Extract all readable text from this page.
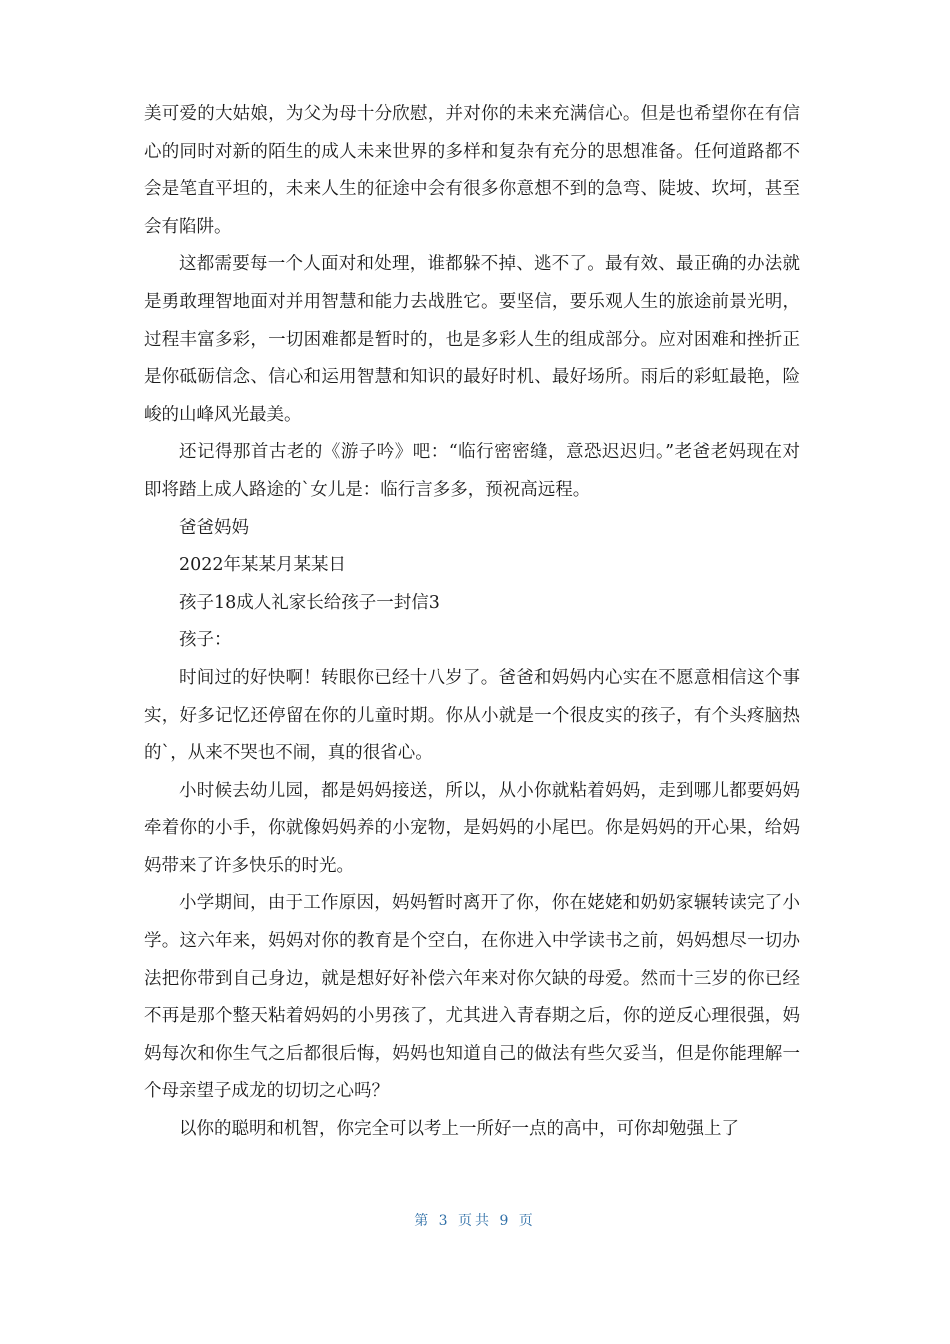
美可爱的大姑娘，为父为母十分欣慰，并对你的未来充满信心。但是也希望你在有信心的同时对新的陌生的成人未来世界的多样和复杂有充分的思想准备。任何道路都不会是笔直平坦的，未来人生的征途中会有很多你意想不到的急弯、陡坡、坎坷，甚至会有陷阱。

这都需要每一个人面对和处理，谁都躲不掉、逃不了。最有效、最正确的办法就是勇敢理智地面对并用智慧和能力去战胜它。要坚信，要乐观人生的旅途前景光明，过程丰富多彩，一切困难都是暂时的，也是多彩人生的组成部分。应对困难和挫折正是你砥砺信念、信心和运用智慧和知识的最好时机、最好场所。雨后的彩虹最艳，险峻的山峰风光最美。

还记得那首古老的《游子吟》吧：“临行密密缝，意恐迟迟归。”老爸老妈现在对即将踏上成人路途的`女儿是：临行言多多，预祝高远程。

爸爸妈妈

2022年某某月某某日

孩子18成人礼家长给孩子一封信3

孩子：

时间过的好快啊！转眼你已经十八岁了。爸爸和妈妈内心实在不愿意相信这个事实，好多记忆还停留在你的儿童时期。你从小就是一个很皮实的孩子，有个头疼脑热的`，从来不哭也不闹，真的很省心。

小时候去幼儿园，都是妈妈接送，所以，从小你就粘着妈妈，走到哪儿都要妈妈牵着你的小手，你就像妈妈养的小宠物，是妈妈的小尾巴。你是妈妈的开心果，给妈妈带来了许多快乐的时光。

小学期间，由于工作原因，妈妈暂时离开了你，你在姥姥和奶奶家辗转读完了小学。这六年来，妈妈对你的教育是个空白，在你进入中学读书之前，妈妈想尽一切办法把你带到自己身边，就是想好好补偿六年来对你欠缺的母爱。然而十三岁的你已经不再是那个整天粘着妈妈的小男孩了，尤其进入青春期之后，你的逆反心理很强，妈妈每次和你生气之后都很后悔，妈妈也知道自己的做法有些欠妥当，但是你能理解一个母亲望子成龙的切切之心吗？

以你的聪明和机智，你完全可以考上一所好一点的高中，可你却勉强上了

第 3 页共 9 页
